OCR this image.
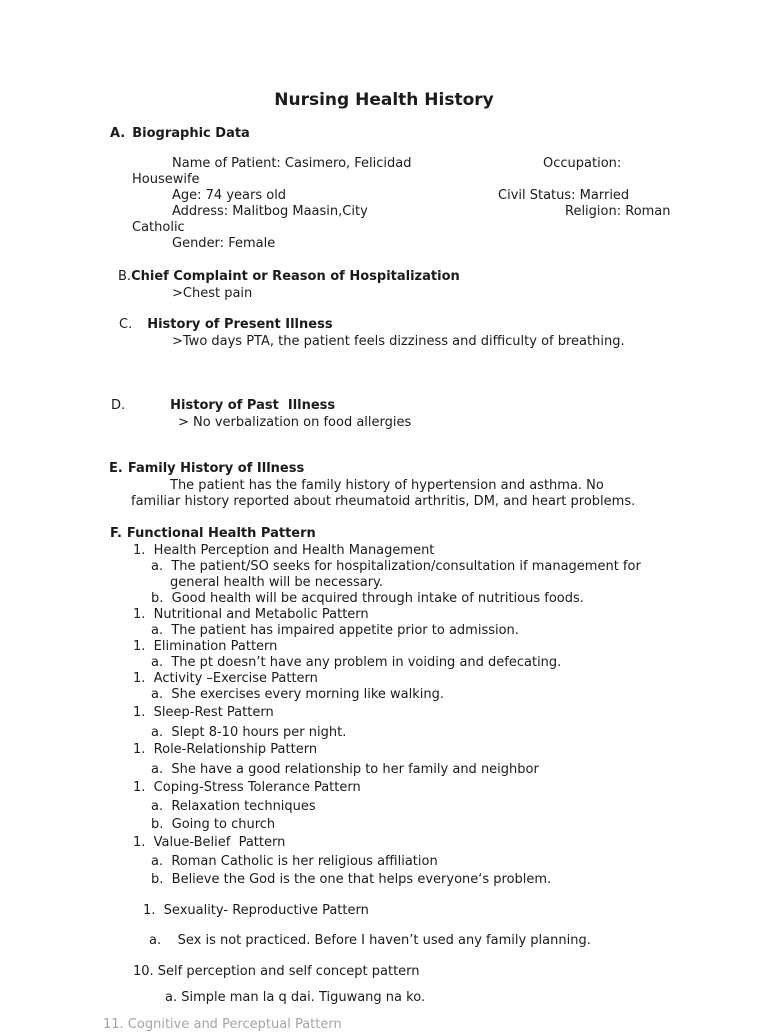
Nursing Health History
A. Biographic Data
Name of Patient: Casimero, Felicidad	Occupation:
Housewife
Age: 74 years old	Civil Status: Married
Address: Malitbog Maasin,City	Religion: Roman
Catholic
Gender: Female
B.Chief Complaint or Reason of Hospitalization
>Chest pain
C. History of Present Illness
>Two days PTA, the patient feels dizziness and difficulty of breathing.
D.	History of Past  Illness
> No verbalization on food allergies
E. Family History of Illness
The patient has the family history of hypertension and asthma. No
familiar history reported about rheumatoid arthritis, DM, and heart problems.
F. Functional Health Pattern
1.  Health Perception and Health Management
a.  The patient/SO seeks for hospitalization/consultation if management for
general health will be necessary.
b.  Good health will be acquired through intake of nutritious foods.
1.  Nutritional and Metabolic Pattern
a.  The patient has impaired appetite prior to admission.
1.  Elimination Pattern
a.  The pt doesn’t have any problem in voiding and defecating.
1.  Activity –Exercise Pattern
a.  She exercises every morning like walking.
1.  Sleep-Rest Pattern
a.  Slept 8-10 hours per night.
1.  Role-Relationship Pattern
a.  She have a good relationship to her family and neighbor
1.  Coping-Stress Tolerance Pattern
a.  Relaxation techniques
b.  Going to church
1.  Value-Belief  Pattern
a.  Roman Catholic is her religious affiliation
b.  Believe the God is the one that helps everyone‘s problem.
1.  Sexuality- Reproductive Pattern
a.    Sex is not practiced. Before I haven’t used any family planning.
10. Self perception and self concept pattern
a. Simple man la q dai. Tiguwang na ko.
11. Cognitive and Perceptual Pattern
